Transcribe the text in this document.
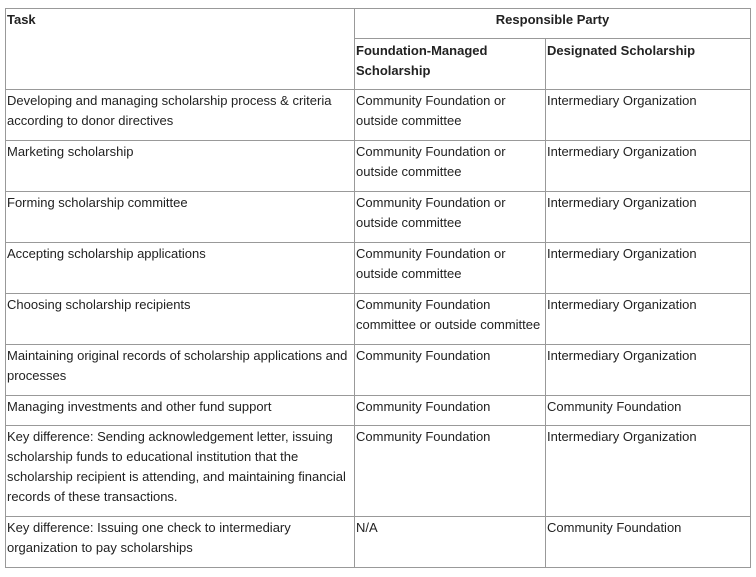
Task	Responsible Party	
	Foundation-Managed Scholarship	Designated Scholarship
Developing and managing scholarship process & criteria according to donor directives	Community Foundation or outside committee	Intermediary Organization
Marketing scholarship	Community Foundation or outside committee	Intermediary Organization
Forming scholarship committee	Community Foundation or outside committee	Intermediary Organization
Accepting scholarship applications	Community Foundation or outside committee	Intermediary Organization
Choosing scholarship recipients	Community Foundation committee or outside committee	Intermediary Organization
Maintaining original records of scholarship applications and processes	Community Foundation	Intermediary Organization
Managing investments and other fund support	Community Foundation	Community Foundation
Key difference: Sending acknowledgement letter, issuing scholarship funds to educational institution that the scholarship recipient is attending, and maintaining financial records of these transactions.	Community Foundation	Intermediary Organization
Key difference: Issuing one check to intermediary organization to pay scholarships	N/A	Community Foundation
